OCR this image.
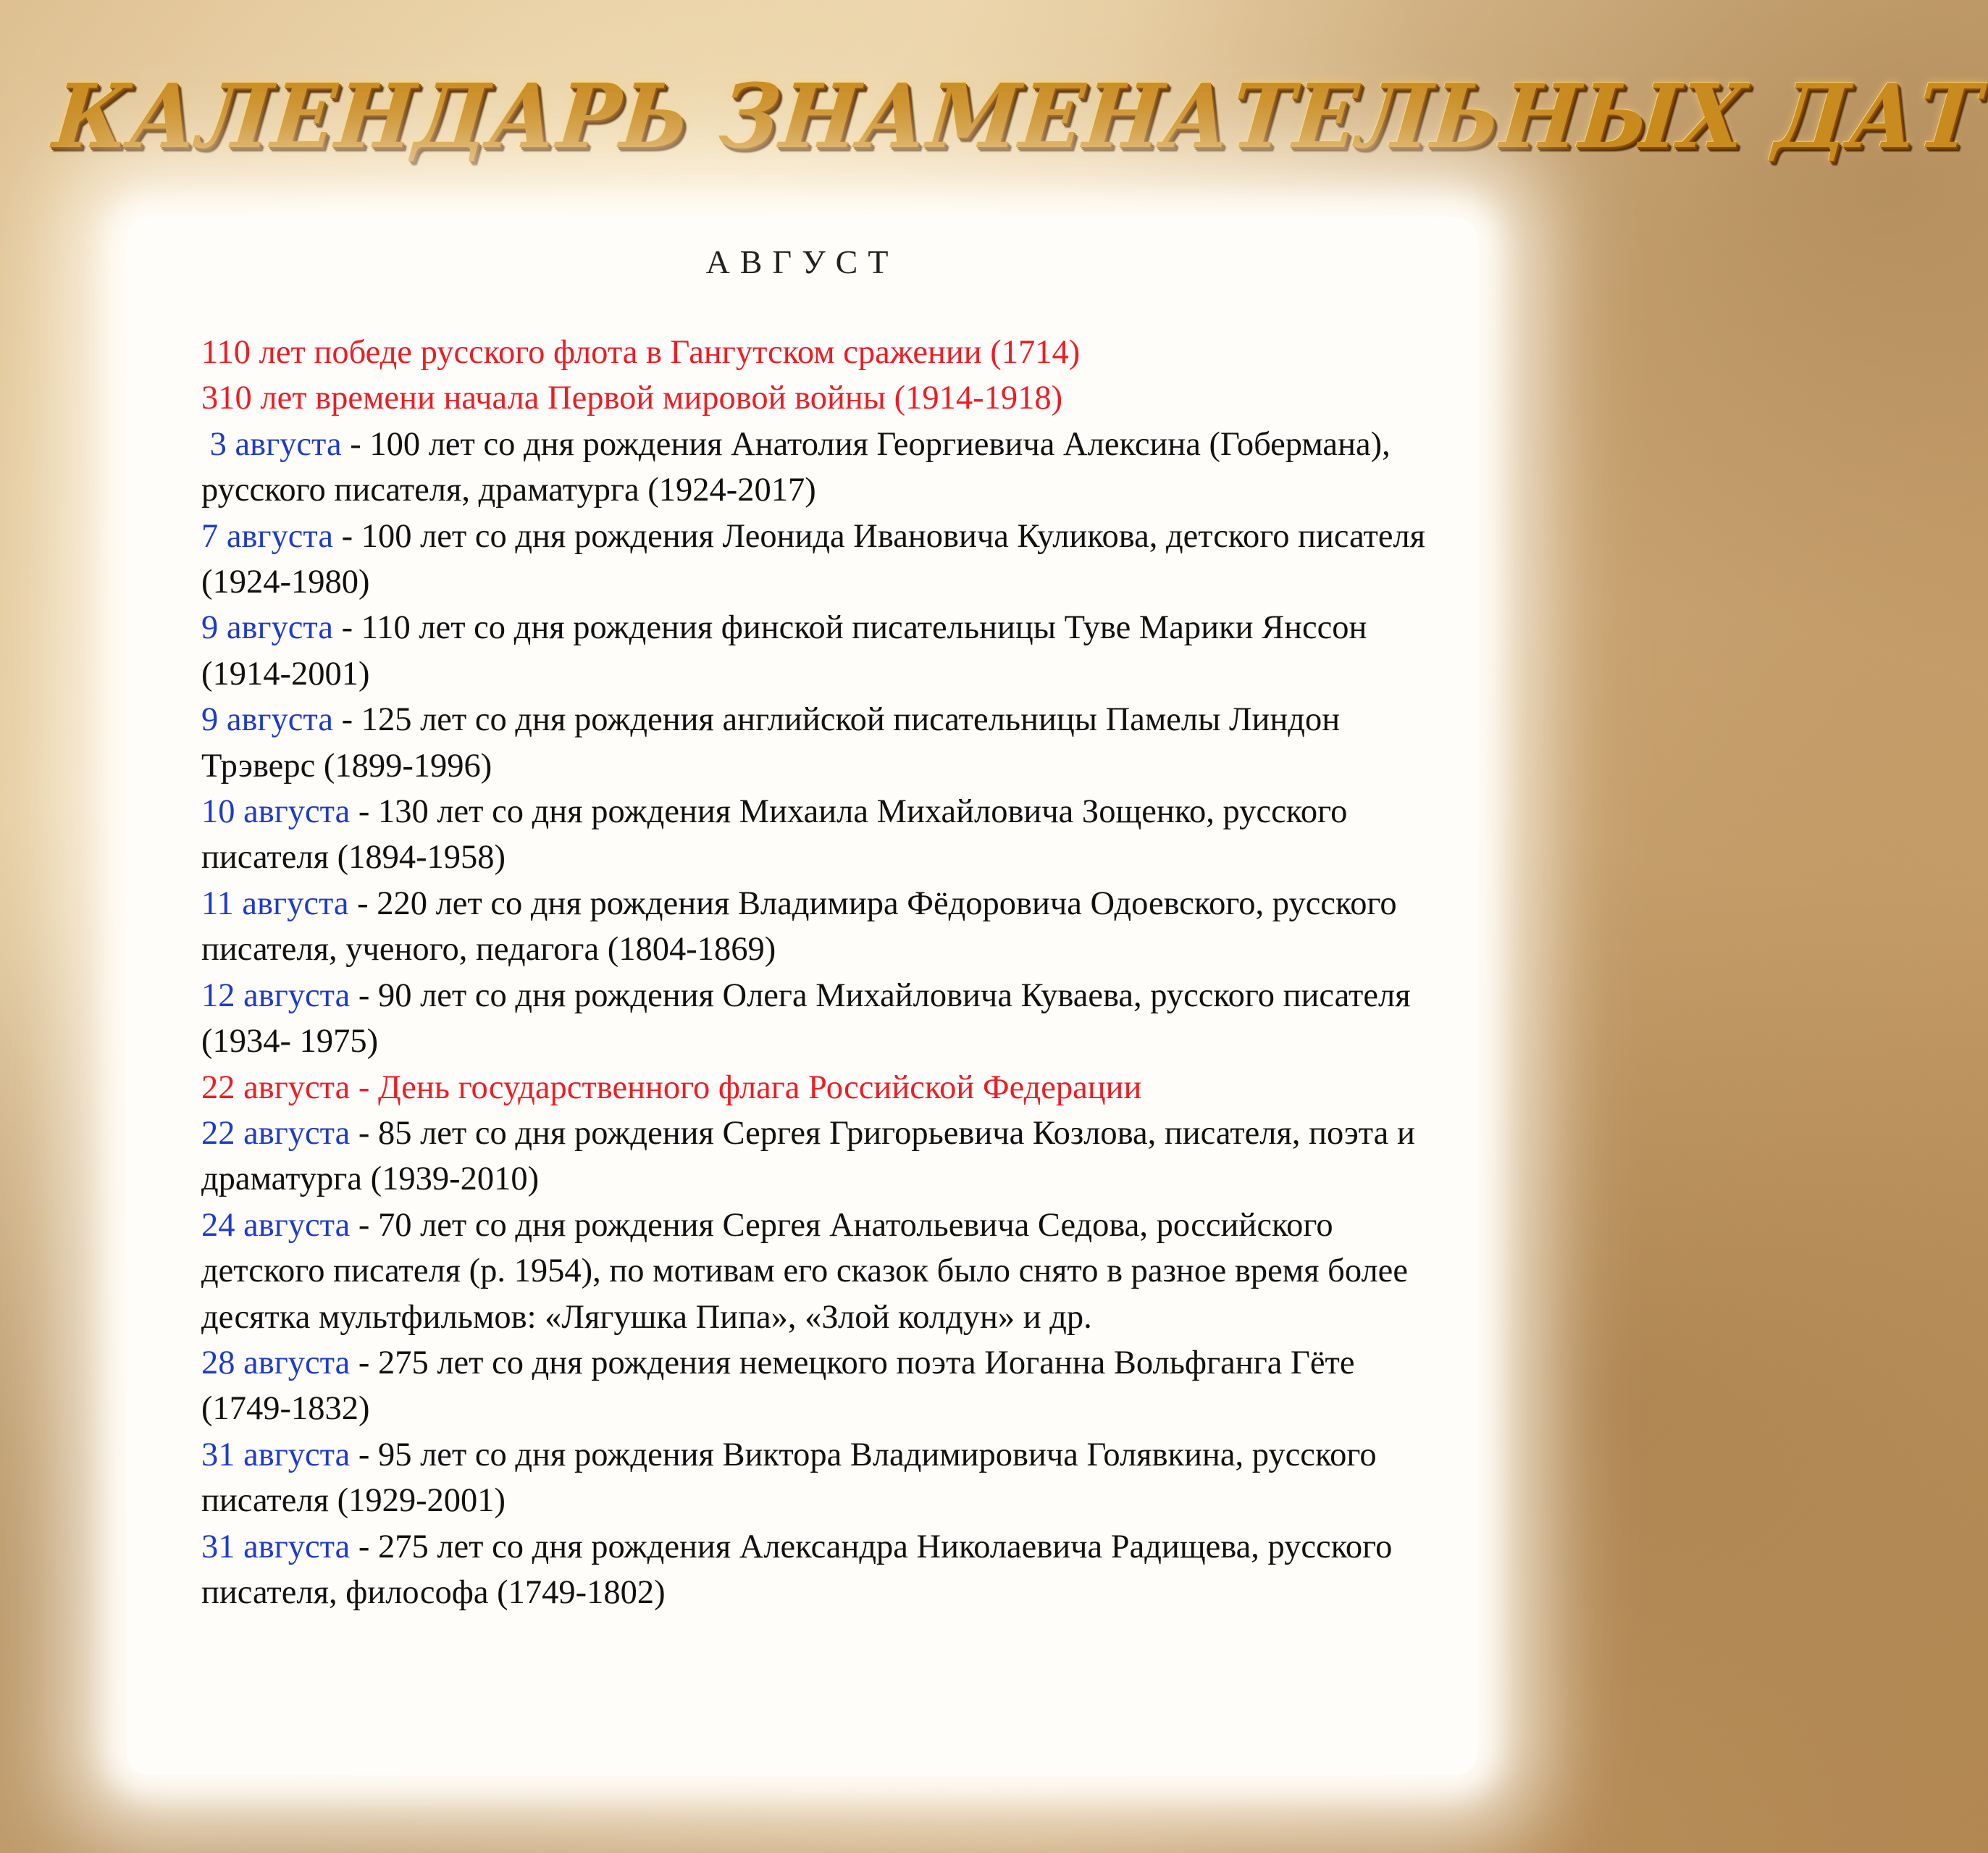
КАЛЕНДАРЬ ЗНАМЕНАТЕЛЬНЫХ ДАТ
АВГУСТ

110 лет победе русского флота в Гангутском сражении (1714)

310 лет времени начала Первой мировой войны (1914-1918)

3 августа - 100 лет со дня рождения Анатолия Георгиевича Алексина (Гобермана), русского писателя, драматурга (1924-2017)

7 августа - 100 лет со дня рождения Леонида Ивановича Куликова, детского писателя (1924-1980)

9 августа - 110 лет со дня рождения финской писательницы Туве Марики Янссон (1914-2001)

9 августа - 125 лет со дня рождения английской писательницы Памелы Линдон Трэверс (1899-1996)

10 августа - 130 лет со дня рождения Михаила Михайловича Зощенко, русского писателя (1894-1958)

11 августа - 220 лет со дня рождения Владимира Фёдоровича Одоевского, русского писателя, ученого, педагога (1804-1869)

12 августа - 90 лет со дня рождения Олега Михайловича Куваева, русского писателя (1934- 1975)

22 августа - День государственного флага Российской Федерации

22 августа - 85 лет со дня рождения Сергея Григорьевича Козлова, писателя, поэта и драматурга (1939-2010)

24 августа - 70 лет со дня рождения Сергея Анатольевича Седова, российского детского писателя (р. 1954), по мотивам его сказок было снято в разное время более десятка мультфильмов: «Лягушка Пипа», «Злой колдун» и др.

28 августа - 275 лет со дня рождения немецкого поэта Иоганна Вольфганга Гёте (1749-1832)

31 августа - 95 лет со дня рождения Виктора Владимировича Голявкина, русского писателя (1929-2001)

31 августа - 275 лет со дня рождения Александра Николаевича Радищева, русского писателя, философа (1749-1802)
